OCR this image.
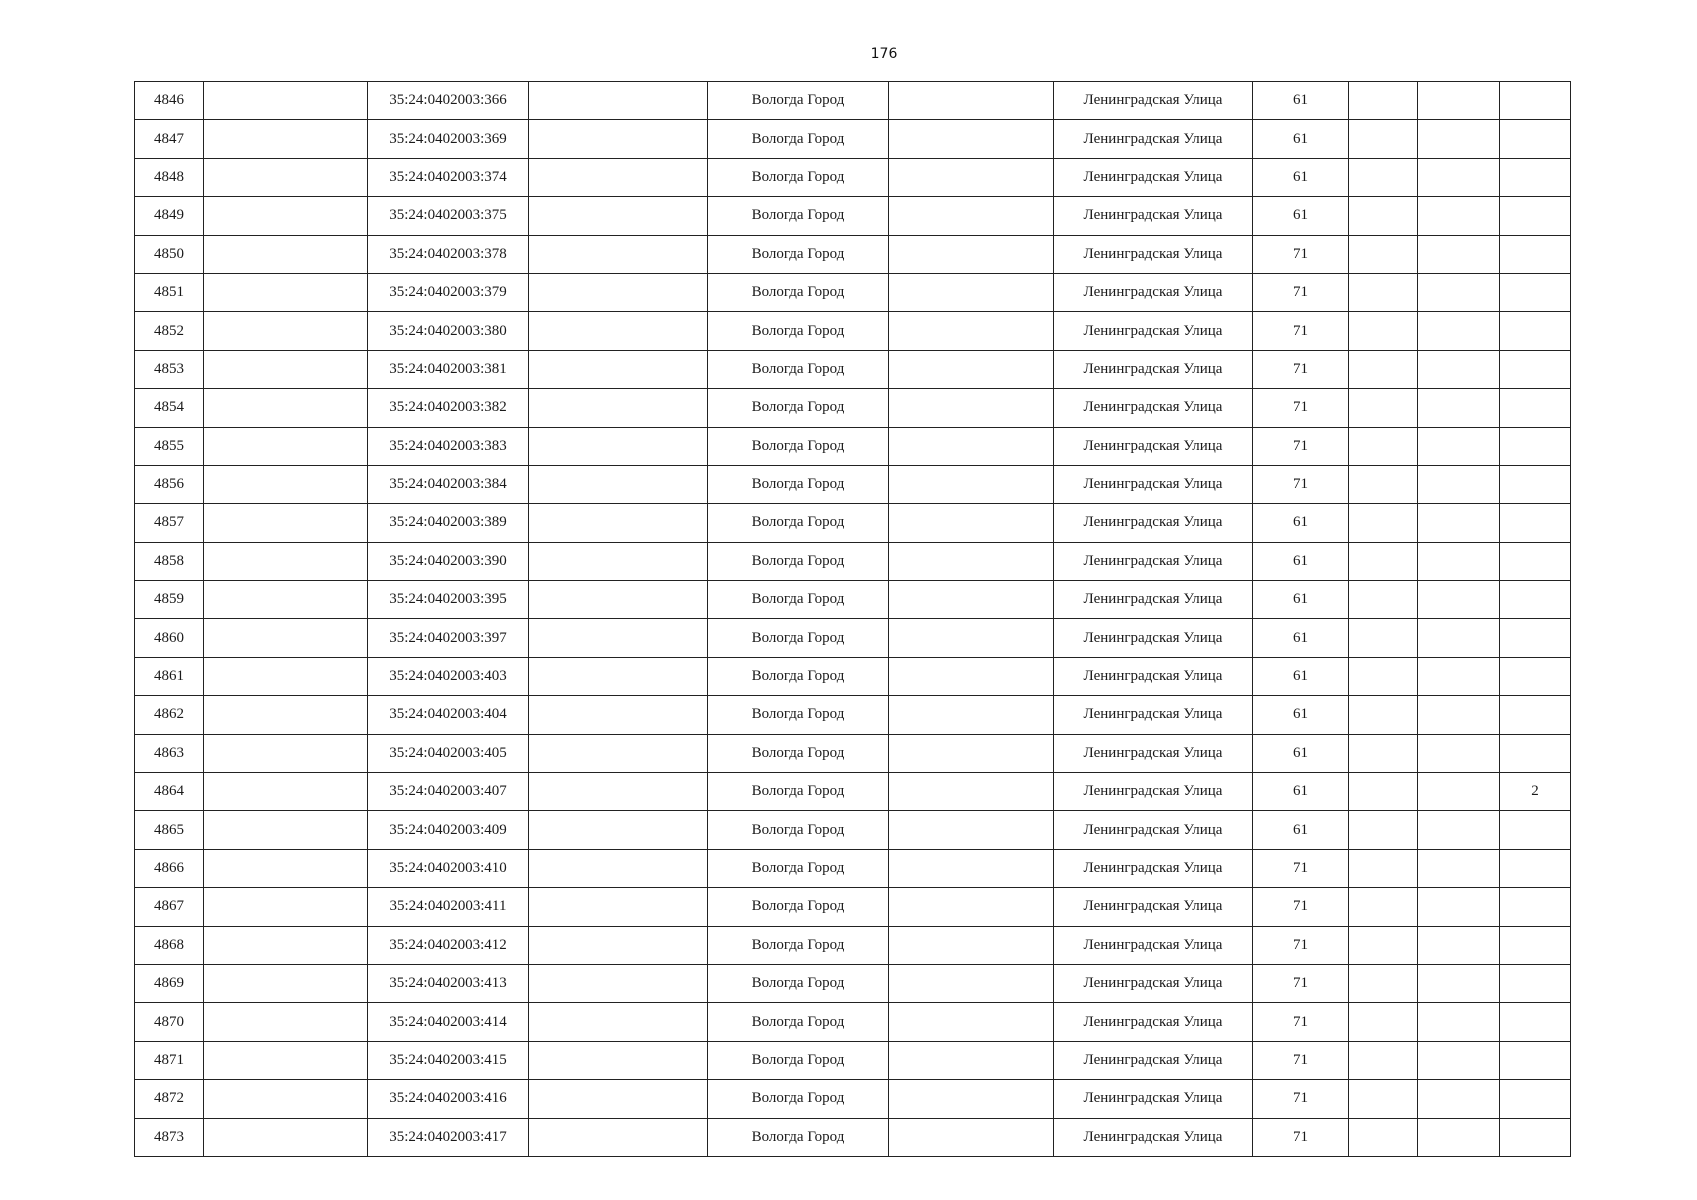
176
4846		35:24:0402003:366		Вологда Город		Ленинградская Улица	61			
4847		35:24:0402003:369		Вологда Город		Ленинградская Улица	61			
4848		35:24:0402003:374		Вологда Город		Ленинградская Улица	61			
4849		35:24:0402003:375		Вологда Город		Ленинградская Улица	61			
4850		35:24:0402003:378		Вологда Город		Ленинградская Улица	71			
4851		35:24:0402003:379		Вологда Город		Ленинградская Улица	71			
4852		35:24:0402003:380		Вологда Город		Ленинградская Улица	71			
4853		35:24:0402003:381		Вологда Город		Ленинградская Улица	71			
4854		35:24:0402003:382		Вологда Город		Ленинградская Улица	71			
4855		35:24:0402003:383		Вологда Город		Ленинградская Улица	71			
4856		35:24:0402003:384		Вологда Город		Ленинградская Улица	71			
4857		35:24:0402003:389		Вологда Город		Ленинградская Улица	61			
4858		35:24:0402003:390		Вологда Город		Ленинградская Улица	61			
4859		35:24:0402003:395		Вологда Город		Ленинградская Улица	61			
4860		35:24:0402003:397		Вологда Город		Ленинградская Улица	61			
4861		35:24:0402003:403		Вологда Город		Ленинградская Улица	61			
4862		35:24:0402003:404		Вологда Город		Ленинградская Улица	61			
4863		35:24:0402003:405		Вологда Город		Ленинградская Улица	61			
4864		35:24:0402003:407		Вологда Город		Ленинградская Улица	61			2
4865		35:24:0402003:409		Вологда Город		Ленинградская Улица	61			
4866		35:24:0402003:410		Вологда Город		Ленинградская Улица	71			
4867		35:24:0402003:411		Вологда Город		Ленинградская Улица	71			
4868		35:24:0402003:412		Вологда Город		Ленинградская Улица	71			
4869		35:24:0402003:413		Вологда Город		Ленинградская Улица	71			
4870		35:24:0402003:414		Вологда Город		Ленинградская Улица	71			
4871		35:24:0402003:415		Вологда Город		Ленинградская Улица	71			
4872		35:24:0402003:416		Вологда Город		Ленинградская Улица	71			
4873		35:24:0402003:417		Вологда Город		Ленинградская Улица	71			
